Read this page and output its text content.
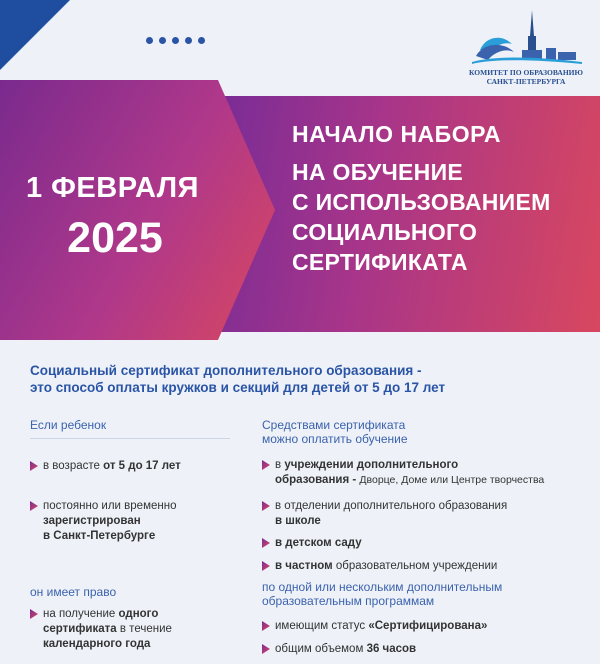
КОМИТЕТ ПО ОБРАЗОВАНИЮ
САНКТ-ПЕТЕРБУРГА
1 ФЕВРАЛЯ
2025
НАЧАЛО НАБОРА
НА ОБУЧЕНИЕ
С ИСПОЛЬЗОВАНИЕМ
СОЦИАЛЬНОГО
СЕРТИФИКАТА
Социальный сертификат дополнительного образования -
это способ оплаты кружков и секций для детей от 5 до 17 лет
Если ребенок
в возрасте от 5 до 17 лет
постоянно или временно
зарегистрирован
в Санкт-Петербурге
он имеет право
на получение одного
сертификата в течение
календарного года
Средствами сертификата
можно оплатить обучение
в учреждении дополнительного
образования - Дворце, Доме или Центре творчества
в отделении дополнительного образования
в школе
в детском саду
в частном образовательном учреждении
по одной или нескольким дополнительным
образовательным программам
имеющим статус «Сертифицирована»
общим объемом 36 часов
